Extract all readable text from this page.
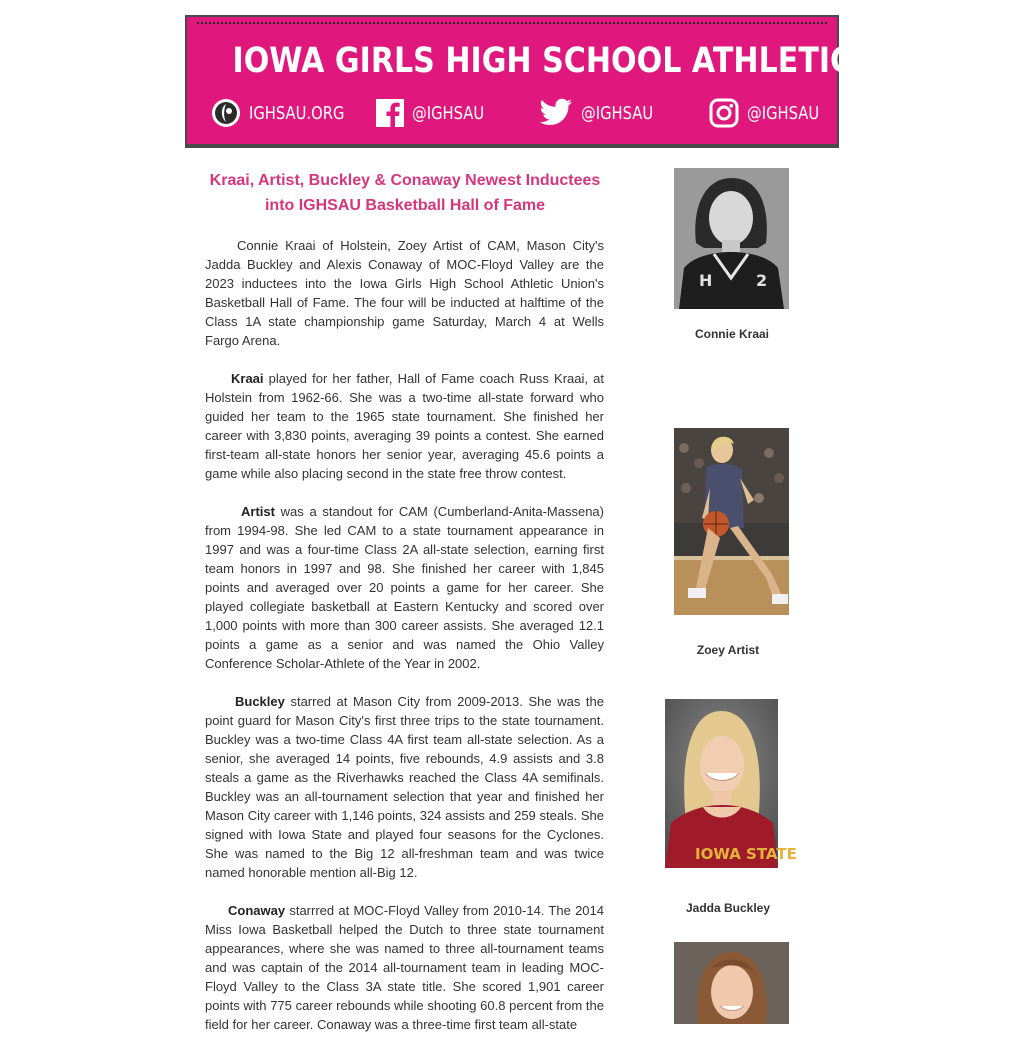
IOWA GIRLS HIGH SCHOOL ATHLETIC UNION
IGHSAU.ORG	@IGHSAU	@IGHSAU	@IGHSAU
Kraai, Artist, Buckley & Conaway Newest Inductees
into IGHSAU Basketball Hall of Fame

Connie Kraai of Holstein, Zoey Artist of CAM, Mason City's Jadda Buckley and Alexis Conaway of MOC-Floyd Valley are the 2023 inductees into the Iowa Girls High School Athletic Union's Basketball Hall of Fame. The four will be inducted at halftime of the Class 1A state championship game Saturday, March 4 at Wells Fargo Arena.

Kraai played for her father, Hall of Fame coach Russ Kraai, at Holstein from 1962-66. She was a two-time all-state forward who guided her team to the 1965 state tournament. She finished her career with 3,830 points, averaging 39 points a contest. She earned first-team all-state honors her senior year, averaging 45.6 points a game while also placing second in the state free throw contest.

Artist was a standout for CAM (Cumberland-Anita-Massena) from 1994-98. She led CAM to a state tournament appearance in 1997 and was a four-time Class 2A all-state selection, earning first team honors in 1997 and 98. She finished her career with 1,845 points and averaged over 20 points a game for her career. She played collegiate basketball at Eastern Kentucky and scored over 1,000 points with more than 300 career assists. She averaged 12.1 points a game as a senior and was named the Ohio Valley Conference Scholar-Athlete of the Year in 2002.

Buckley starred at Mason City from 2009-2013. She was the point guard for Mason City's first three trips to the state tournament. Buckley was a two-time Class 4A first team all-state selection. As a senior, she averaged 14 points, five rebounds, 4.9 assists and 3.8 steals a game as the Riverhawks reached the Class 4A semifinals. Buckley was an all-tournament selection that year and finished her Mason City career with 1,146 points, 324 assists and 259 steals. She signed with Iowa State and played four seasons for the Cyclones. She was named to the Big 12 all-freshman team and was twice named honorable mention all-Big 12.

Conaway starrred at MOC-Floyd Valley from 2010-14. The 2014 Miss Iowa Basketball helped the Dutch to three state tournament appearances, where she was named to three all-tournament teams and was captain of the 2014 all-tournament team in leading MOC-Floyd Valley to the Class 3A state title. She scored 1,901 career points with 775 career rebounds while shooting 60.8 percent from the field for her career. Conaway was a three-time first team all-state

H	2
Connie Kraai
Zoey Artist
IOWA STATE
Jadda Buckley
